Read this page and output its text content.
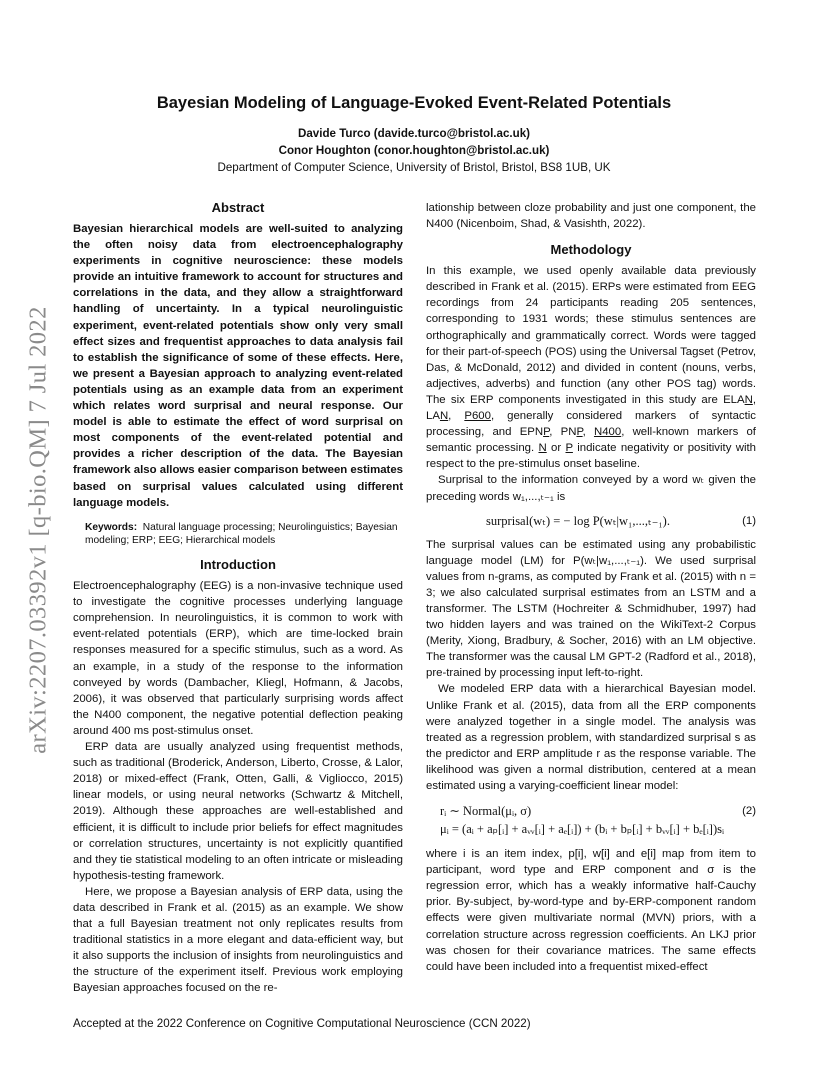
arXiv:2207.03392v1 [q-bio.QM] 7 Jul 2022
Bayesian Modeling of Language-Evoked Event-Related Potentials
Davide Turco (davide.turco@bristol.ac.uk)
Conor Houghton (conor.houghton@bristol.ac.uk)
Department of Computer Science, University of Bristol, Bristol, BS8 1UB, UK
Abstract

Bayesian hierarchical models are well-suited to analyzing the often noisy data from electroencephalography experiments in cognitive neuroscience: these models provide an intuitive framework to account for structures and correlations in the data, and they allow a straightforward handling of uncertainty. In a typical neurolinguistic experiment, event-related potentials show only very small effect sizes and frequentist approaches to data analysis fail to establish the significance of some of these effects. Here, we present a Bayesian approach to analyzing event-related potentials using as an example data from an experiment which relates word surprisal and neural response. Our model is able to estimate the effect of word surprisal on most components of the event-related potential and provides a richer description of the data. The Bayesian framework also allows easier comparison between estimates based on surprisal values calculated using different language models.

Keywords: Natural language processing; Neurolinguistics; Bayesian modeling; ERP; EEG; Hierarchical models

Introduction

Electroencephalography (EEG) is a non-invasive technique used to investigate the cognitive processes underlying language comprehension. In neurolinguistics, it is common to work with event-related potentials (ERP), which are time-locked brain responses measured for a specific stimulus, such as a word. As an example, in a study of the response to the information conveyed by words (Dambacher, Kliegl, Hofmann, & Jacobs, 2006), it was observed that particularly surprising words affect the N400 component, the negative potential deflection peaking around 400 ms post-stimulus onset.

ERP data are usually analyzed using frequentist methods, such as traditional (Broderick, Anderson, Liberto, Crosse, & Lalor, 2018) or mixed-effect (Frank, Otten, Galli, & Vigliocco, 2015) linear models, or using neural networks (Schwartz & Mitchell, 2019). Although these approaches are well-established and efficient, it is difficult to include prior beliefs for effect magnitudes or correlation structures, uncertainty is not explicitly quantified and they tie statistical modeling to an often intricate or misleading hypothesis-testing framework.

Here, we propose a Bayesian analysis of ERP data, using the data described in Frank et al. (2015) as an example. We show that a full Bayesian treatment not only replicates results from traditional statistics in a more elegant and data-efficient way, but it also supports the inclusion of insights from neurolinguistics and the structure of the experiment itself. Previous work employing Bayesian approaches focused on the re-

lationship between cloze probability and just one component, the N400 (Nicenboim, Shad, & Vasishth, 2022).

Methodology

In this example, we used openly available data previously described in Frank et al. (2015). ERPs were estimated from EEG recordings from 24 participants reading 205 sentences, corresponding to 1931 words; these stimulus sentences are orthographically and grammatically correct. Words were tagged for their part-of-speech (POS) using the Universal Tagset (Petrov, Das, & McDonald, 2012) and divided in content (nouns, verbs, adjectives, adverbs) and function (any other POS tag) words. The six ERP components investigated in this study are ELAN, LAN, P600, generally considered markers of syntactic processing, and EPNP, PNP, N400, well-known markers of semantic processing. N or P indicate negativity or positivity with respect to the pre-stimulus onset baseline.

Surprisal to the information conveyed by a word wₜ given the preceding words w₁,...,ₜ₋₁ is

surprisal(wₜ) = − log P(wₜ|w₁,...,ₜ₋₁).	(1)

The surprisal values can be estimated using any probabilistic language model (LM) for P(wₜ|w₁,...,ₜ₋₁). We used surprisal values from n-grams, as computed by Frank et al. (2015) with n = 3; we also calculated surprisal estimates from an LSTM and a transformer. The LSTM (Hochreiter & Schmidhuber, 1997) had two hidden layers and was trained on the WikiText-2 Corpus (Merity, Xiong, Bradbury, & Socher, 2016) with an LM objective. The transformer was the causal LM GPT-2 (Radford et al., 2018), pre-trained by processing input left-to-right.

We modeled ERP data with a hierarchical Bayesian model. Unlike Frank et al. (2015), data from all the ERP components were analyzed together in a single model. The analysis was treated as a regression problem, with standardized surprisal s as the predictor and ERP amplitude r as the response variable. The likelihood was given a normal distribution, centered at a mean estimated using a varying-coefficient linear model:

rᵢ ∼ Normal(μᵢ, σ)	(2)
μᵢ = (aᵢ + aₚ[ᵢ] + aᵥᵥ[ᵢ] + aₑ[ᵢ]) + (bᵢ + bₚ[ᵢ] + bᵥᵥ[ᵢ] + bₑ[ᵢ])sᵢ

where i is an item index, p[i], w[i] and e[i] map from item to participant, word type and ERP component and σ is the regression error, which has a weakly informative half-Cauchy prior. By-subject, by-word-type and by-ERP-component random effects were given multivariate normal (MVN) priors, with a correlation structure across regression coefficients. An LKJ prior was chosen for their covariance matrices. The same effects could have been included into a frequentist mixed-effect

Accepted at the 2022 Conference on Cognitive Computational Neuroscience (CCN 2022)
